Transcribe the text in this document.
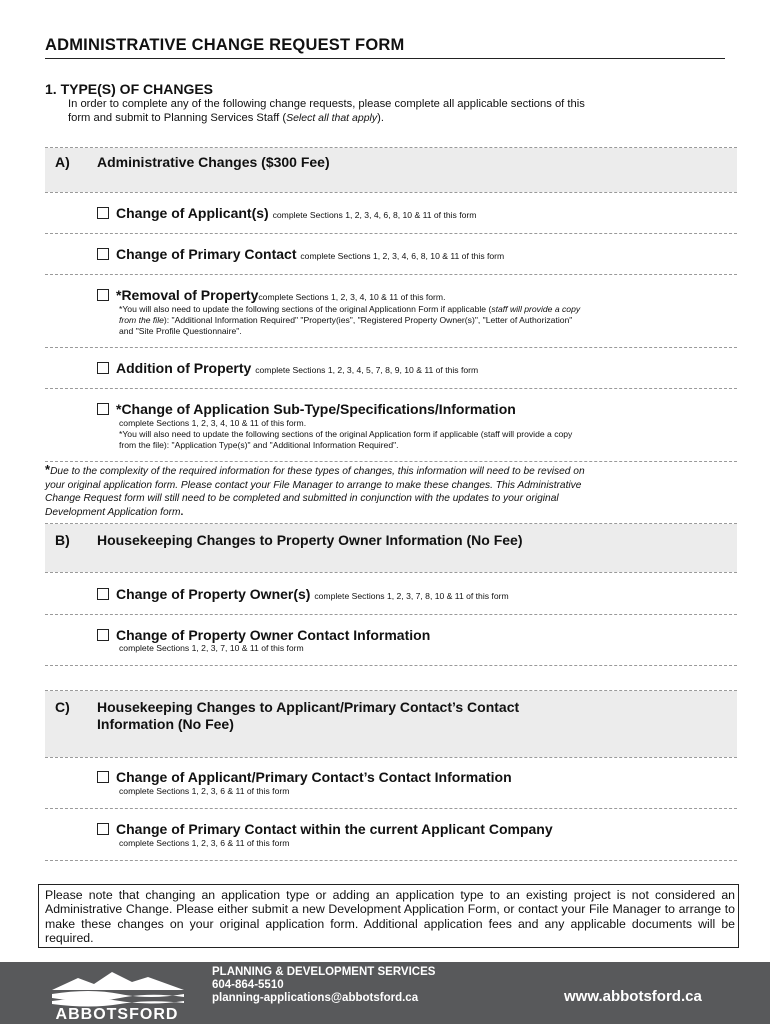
ADMINISTRATIVE CHANGE REQUEST FORM
1. TYPE(S) OF CHANGES
In order to complete any of the following change requests, please complete all applicable sections of this
form and submit to Planning Services Staff (Select all that apply).
A) Administrative Changes ($300 Fee)
Change of Applicant(s) complete Sections 1, 2, 3, 4, 6, 8, 10 & 11 of this form
Change of Primary Contact complete Sections 1, 2, 3, 4, 6, 8, 10 & 11 of this form
*Removal of Propertycomplete Sections 1, 2, 3, 4, 10 & 11 of this form.
*You will also need to update the following sections of the original Applicationn Form if applicable (staff will provide a copy
from the file): "Additional Information Required" "Property(ies", "Registered Property Owner(s)", "Letter of Authorization"
and "Site Profile Questionnaire".
Addition of Property complete Sections 1, 2, 3, 4, 5, 7, 8, 9, 10 & 11 of this form
*Change of Application Sub-Type/Specifications/Information
complete Sections 1, 2, 3, 4, 10 & 11 of this form.
*You will also need to update the following sections of the original Application form if applicable (staff will provide a copy
from the file): "Application Type(s)" and "Additional Information Required".
*Due to the complexity of the required information for these types of changes, this information will need to be revised on
your original application form. Please contact your File Manager to arrange to make these changes. This Administrative
Change Request form will still need to be completed and submitted in conjunction with the updates to your original
Development Application form.
B) Housekeeping Changes to Property Owner Information (No Fee)
Change of Property Owner(s) complete Sections 1, 2, 3, 7, 8, 10 & 11 of this form
Change of Property Owner Contact Information
complete Sections 1, 2, 3, 7, 10 & 11 of this form
C) Housekeeping Changes to Applicant/Primary Contact’s Contact
Information (No Fee)
Change of Applicant/Primary Contact’s Contact Information
complete Sections 1, 2, 3, 6 & 11 of this form
Change of Primary Contact within the current Applicant Company
complete Sections 1, 2, 3, 6 & 11 of this form
Please note that changing an application type or adding an application type to an existing project is not considered an Administrative Change. Please either submit a new Development Application Form, or contact your File Manager to arrange to make these changes on your original application form. Additional application fees and any applicable documents will be required.
ABBOTSFORD
PLANNING & DEVELOPMENT SERVICES
604-864-5510
planning-applications@abbotsford.ca	www.abbotsford.ca
